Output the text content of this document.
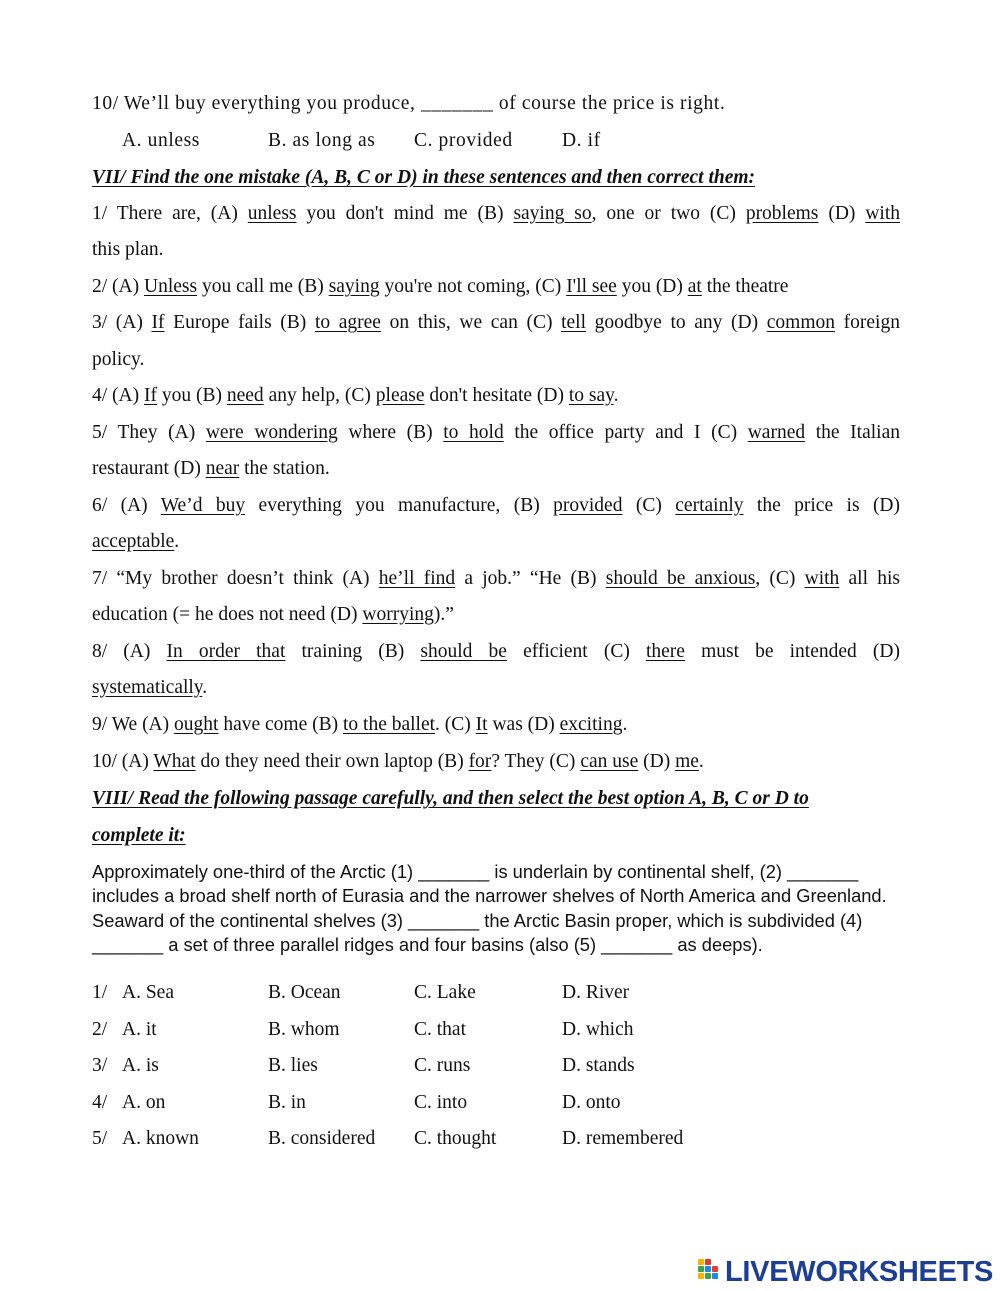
10/ We’ll buy everything you produce, _______ of course the price is right.
A. unless	B. as long as C. provided	D. if
VII/ Find the one mistake (A, B, C or D) in these sentences and then correct them:
1/ There are, (A) unless you don't mind me (B) saying so, one or two (C) problems (D) with
this plan.
2/ (A) Unless you call me (B) saying you're not coming, (C) I'll see you (D) at the theatre
3/ (A) If Europe fails (B) to agree on this, we can (C) tell goodbye to any (D) common foreign
policy.
4/ (A) If you (B) need any help, (C) please don't hesitate (D) to say.
5/ They (A) were wondering where (B) to hold the office party and I (C) warned the Italian
restaurant (D) near the station.
6/ (A) We’d buy everything you manufacture, (B) provided (C) certainly the price is (D)
acceptable.
7/ “My brother doesn’t think (A) he’ll find a job.” “He (B) should be anxious, (C) with all his
education (= he does not need (D) worrying).”
8/ (A) In order that training (B) should be efficient (C) there must be intended (D)
systematically.
9/ We (A) ought have come (B) to the ballet. (C) It was (D) exciting.
10/ (A) What do they need their own laptop (B) for? They (C) can use (D) me.
VIII/ Read the following passage carefully, and then select the best option A, B, C or D to
complete it:
Approximately one-third of the Arctic (1) _______ is underlain by continental shelf, (2) _______ includes a broad shelf north of Eurasia and the narrower shelves of North America and Greenland. Seaward of the continental shelves (3) _______ the Arctic Basin proper, which is subdivided (4) _______ a set of three parallel ridges and four basins (also (5) _______ as deeps).
1/ A. Sea	B. Ocean	C. Lake	D. River
2/ A. it	B. whom	C. that	D. which
3/ A. is	B. lies	C. runs	D. stands
4/ A. on	B. in	C. into	D. onto
5/ A. known	B. considered C. thought	D. remembered
LIVEWORKSHEETS
